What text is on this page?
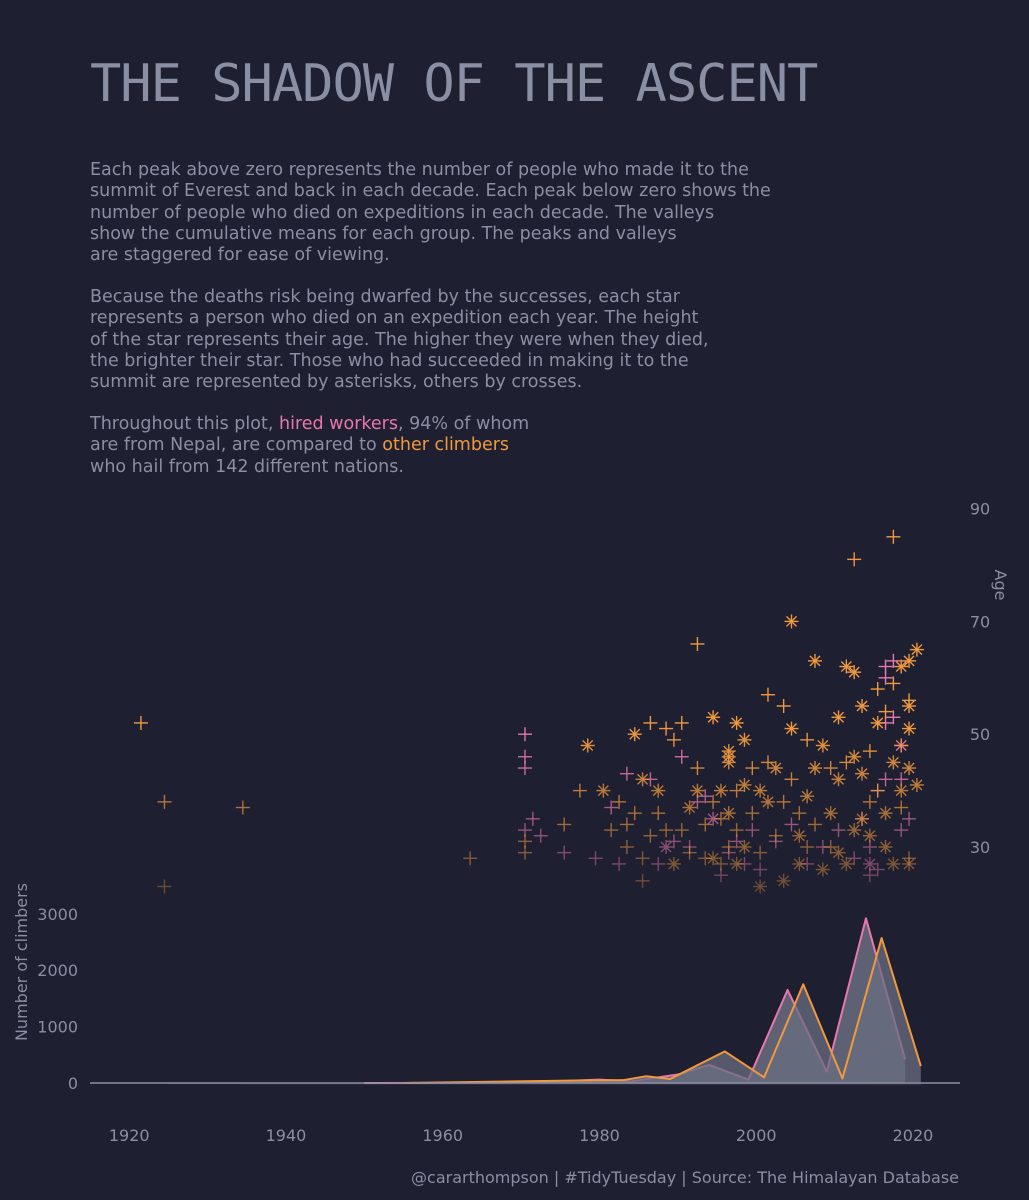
THE SHADOW OF THE ASCENT

Each peak above zero represents the number of people who made it to the
summit of Everest and back in each decade. Each peak below zero shows the
number of people who died on expeditions in each decade. The valleys
show the cumulative means for each group. The peaks and valleys
are staggered for ease of viewing.

Because the deaths risk being dwarfed by the successes, each star
represents a person who died on an expedition each year. The height
of the star represents their age. The higher they were when they died,
the brighter their star. Those who had succeeded in making it to the
summit are represented by asterisks, others by crosses.

Throughout this plot, hired workers, 94% of whom
are from Nepal, are compared to other climbers
who hail from 142 different nations.

1920	1940	1960	1980	2000	2020
0
1000
2000
3000
Number of climbers
30
50
70
90
Age
@cararthompson | #TidyTuesday | Source: The Himalayan Database
